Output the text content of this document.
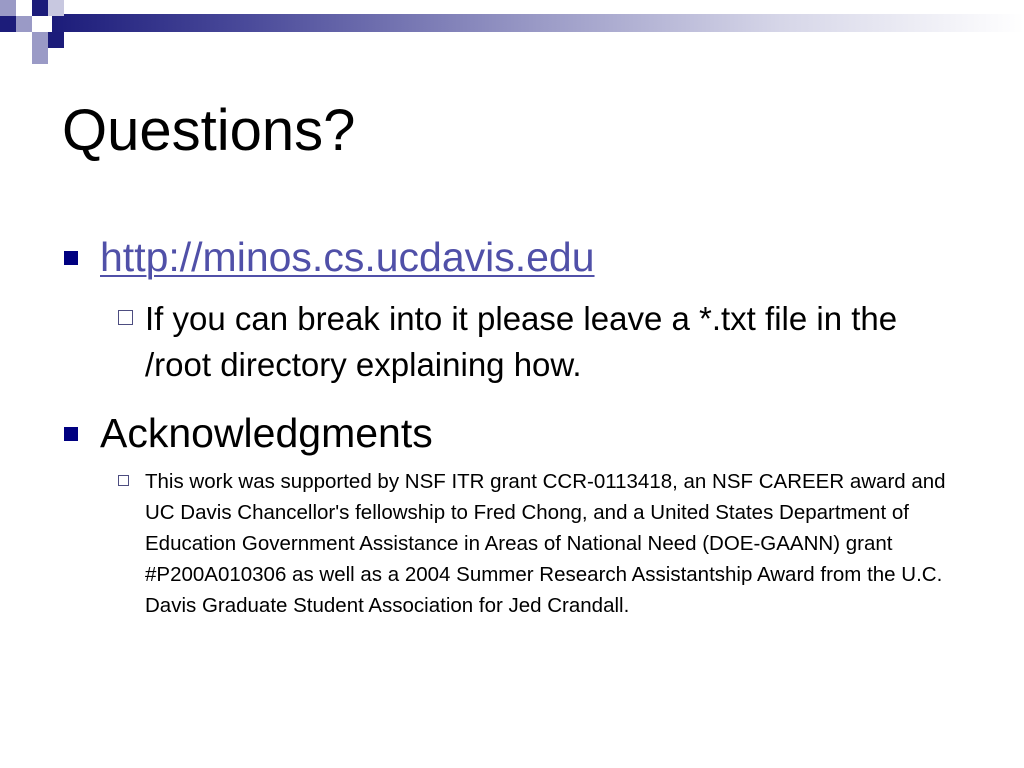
Questions?
http://minos.cs.ucdavis.edu
If you can break into it please leave a *.txt file in the /root directory explaining how.
Acknowledgments
This work was supported by NSF ITR grant CCR-0113418, an NSF CAREER award and UC Davis Chancellor's fellowship to Fred Chong, and a United States Department of Education Government Assistance in Areas of National Need (DOE-GAANN) grant #P200A010306 as well as a 2004 Summer Research Assistantship Award from the U.C. Davis Graduate Student Association for Jed Crandall.
